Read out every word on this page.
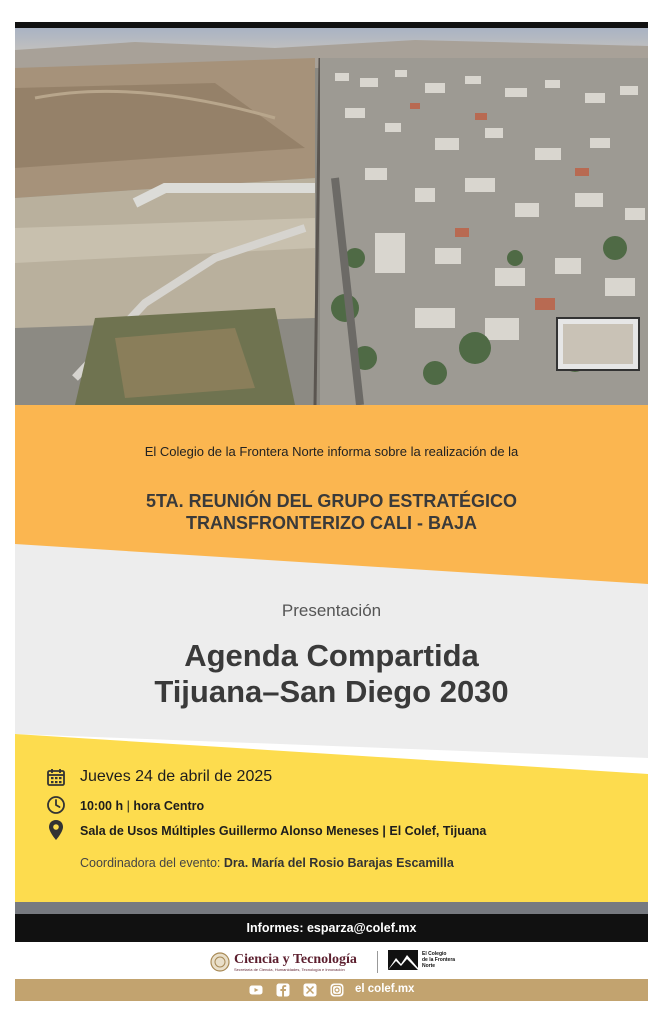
El Colegio de la Frontera Norte informa sobre la realización de la
5TA. REUNIÓN DEL GRUPO ESTRATÉGICO
TRANSFRONTERIZO CALI - BAJA
Presentación
Agenda Compartida
Tijuana–San Diego 2030
Jueves 24 de abril de 2025
10:00 h | hora Centro
Sala de Usos Múltiples Guillermo Alonso Meneses | El Colef, Tijuana
Coordinadora del evento: Dra. María del Rosio Barajas Escamilla
Informes: esparza@colef.mx
Ciencia y Tecnología
Secretaría de Ciencia, Humanidades, Tecnología e Innovación
El Colegio
de la Frontera
Norte
el colef.mx
